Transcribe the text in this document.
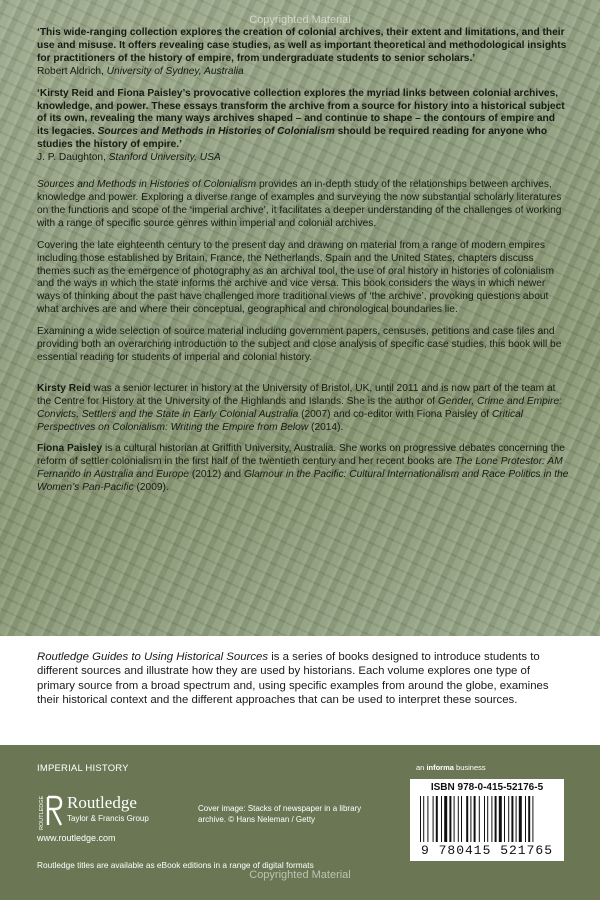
Copyrighted Material

‘This wide-ranging collection explores the creation of colonial archives, their extent and limitations, and their use and misuse. It offers revealing case studies, as well as important theoretical and methodological insights for practitioners of the history of empire, from undergraduate students to senior scholars.’

Robert Aldrich, University of Sydney, Australia

‘Kirsty Reid and Fiona Paisley’s provocative collection explores the myriad links between colonial archives, knowledge, and power. These essays transform the archive from a source for history into a historical subject of its own, revealing the many ways archives shaped – and continue to shape – the contours of empire and its legacies. Sources and Methods in Histories of Colonialism should be required reading for anyone who studies the history of empire.’

J. P. Daughton, Stanford University, USA

Sources and Methods in Histories of Colonialism provides an in-depth study of the relationships between archives, knowledge and power. Exploring a diverse range of examples and surveying the now substantial scholarly literatures on the functions and scope of the ‘imperial archive’, it facilitates a deeper understanding of the challenges of working with a range of specific source genres within imperial and colonial archives.

Covering the late eighteenth century to the present day and drawing on material from a range of modern empires including those established by Britain, France, the Netherlands, Spain and the United States, chapters discuss themes such as the emergence of photography as an archival tool, the use of oral history in histories of colonialism and the ways in which the state informs the archive and vice versa. This book considers the ways in which newer ways of thinking about the past have challenged more traditional views of ‘the archive’, provoking questions about what archives are and where their conceptual, geographical and chronological boundaries lie.

Examining a wide selection of source material including government papers, censuses, petitions and case files and providing both an overarching introduction to the subject and close analysis of specific case studies, this book will be essential reading for students of imperial and colonial history.

Kirsty Reid was a senior lecturer in history at the University of Bristol, UK, until 2011 and is now part of the team at the Centre for History at the University of the Highlands and Islands. She is the author of Gender, Crime and Empire: Convicts, Settlers and the State in Early Colonial Australia (2007) and co-editor with Fiona Paisley of Critical Perspectives on Colonialism: Writing the Empire from Below (2014).

Fiona Paisley is a cultural historian at Griffith University, Australia. She works on progressive debates concerning the reform of settler colonialism in the first half of the twentieth century and her recent books are The Lone Protestor: AM Fernando in Australia and Europe (2012) and Glamour in the Pacific: Cultural Internationalism and Race Politics in the Women’s Pan-Pacific (2009).

Routledge Guides to Using Historical Sources is a series of books designed to introduce students to different sources and illustrate how they are used by historians. Each volume explores one type of primary source from a broad spectrum and, using specific examples from around the globe, examines their historical context and the different approaches that can be used to interpret these sources.

IMPERIAL HISTORY
ROUTLEDGE Routledge
Taylor & Francis Group
www.routledge.com
Cover image: Stacks of newspaper in a library archive. © Hans Neleman / Getty
Routledge titles are available as eBook editions in a range of digital formats
an informa business
ISBN 978-0-415-52176-5
9 780415 521765
Copyrighted Material
